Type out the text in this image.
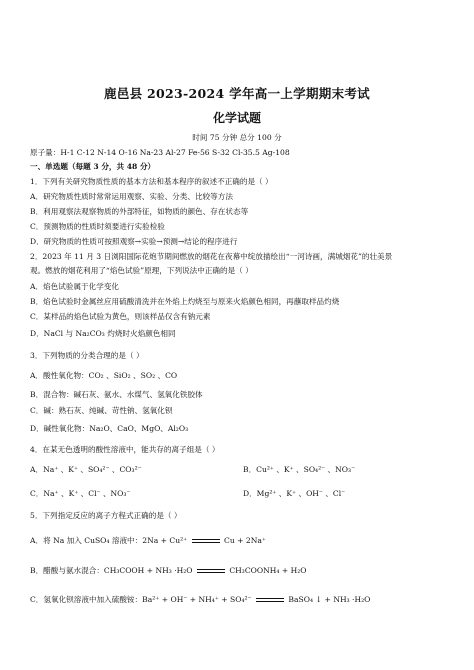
鹿邑县 2023-2024 学年高一上学期期末考试
化学试题
时间 75 分钟 总分 100 分
原子量：H-1 C-12 N-14 O-16 Na-23 Al-27 Fe-56 S-32 Cl-35.5 Ag-108
一、单选题（每题 3 分，共 48 分）
1．下列有关研究物质性质的基本方法和基本程序的叙述不正确的是（ ）
A．研究物质性质时常常运用观察、实验、分类、比较等方法
B．利用观察法观察物质的外部特征，如物质的颜色、存在状态等
C．预测物质的性质时须要进行实验检验
D．研究物质的性质可按照观察→实验→预测→结论的程序进行
2．2023 年 11 月 3 日浏阳国际花炮节期间燃放的烟花在夜幕中绽放描绘出“一河诗画，满城烟花”的壮美景
观。燃放的烟花利用了“焰色试验”原理，下列说法中正确的是（ ）
A．焰色试验属于化学变化
B．焰色试验时金属丝应用硫酸清洗并在外焰上灼烧至与原来火焰颜色相同，再蘸取样品灼烧
C．某样品的焰色试验为黄色，则该样品仅含有钠元素
D．NaCl 与 Na₂CO₃ 灼烧时火焰颜色相同
3．下列物质的分类合理的是（ ）
A．酸性氧化物：CO₂ 、SiO₂ 、SO₂ 、CO
B．混合物：碱石灰、氨水、水煤气、氢氧化铁胶体
C．碱：熟石灰、纯碱、苛性钠、氢氧化钡
D．碱性氧化物：Na₂O、CaO、MgO、Al₂O₃
4．在某无色透明的酸性溶液中，能共存的离子组是（ ）
A．Na⁺ 、K⁺ 、SO₄²⁻ 、CO₃²⁻	B．Cu²⁺ 、K⁺ 、SO₄²⁻ 、NO₃⁻
C．Na⁺ 、K⁺ 、Cl⁻ 、NO₃⁻	D．Mg²⁺ 、K⁺ 、OH⁻ 、Cl⁻
5．下列指定反应的离子方程式正确的是（ ）
A．将 Na 加入 CuSO₄ 溶液中：2Na + Cu²⁺	Cu + 2Na⁺
B．醋酸与氨水混合：CH₃COOH + NH₃ ·H₂O	CH₃COONH₄ + H₂O
C．氢氧化钡溶液中加入硫酸铵：Ba²⁺ + OH⁻ + NH₄⁺ + SO₄²⁻	BaSO₄ ↓ + NH₃ ·H₂O
